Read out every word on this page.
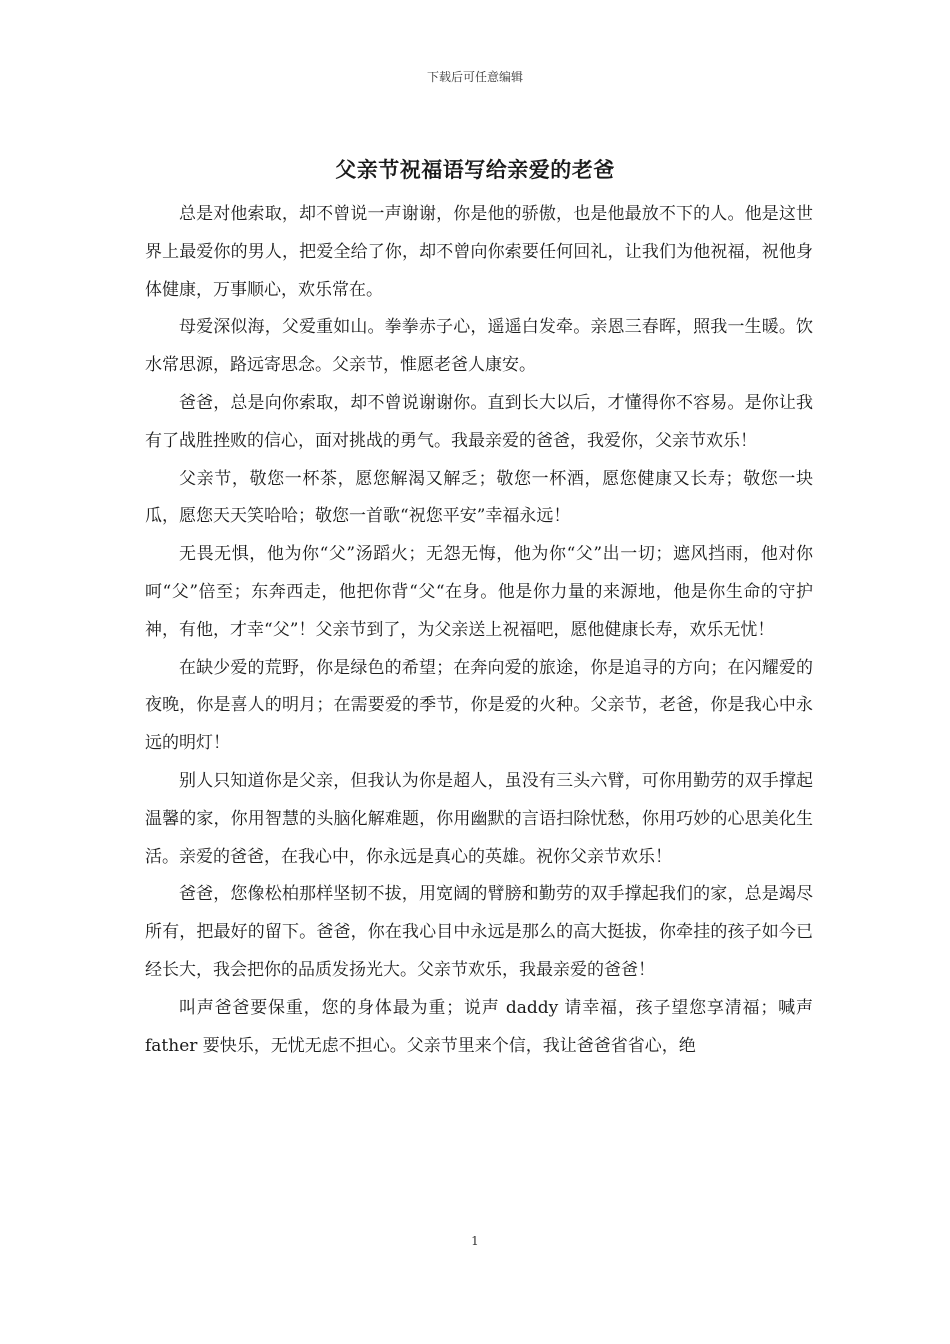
下载后可任意编辑
父亲节祝福语写给亲爱的老爸

总是对他索取，却不曾说一声谢谢，你是他的骄傲，也是他最放不下的人。他是这世界上最爱你的男人，把爱全给了你，却不曾向你索要任何回礼，让我们为他祝福，祝他身体健康，万事顺心，欢乐常在。

母爱深似海，父爱重如山。拳拳赤子心，遥遥白发牵。亲恩三春晖，照我一生暖。饮水常思源，路远寄思念。父亲节，惟愿老爸人康安。

爸爸，总是向你索取，却不曾说谢谢你。直到长大以后，才懂得你不容易。是你让我有了战胜挫败的信心，面对挑战的勇气。我最亲爱的爸爸，我爱你，父亲节欢乐！

父亲节，敬您一杯茶，愿您解渴又解乏；敬您一杯酒，愿您健康又长寿；敬您一块瓜，愿您天天笑哈哈；敬您一首歌“祝您平安”幸福永远！

无畏无惧，他为你“父”汤蹈火；无怨无悔，他为你“父”出一切；遮风挡雨，他对你呵“父”倍至；东奔西走，他把你背“父“在身。他是你力量的来源地，他是你生命的守护神，有他，才幸“父”！父亲节到了，为父亲送上祝福吧，愿他健康长寿，欢乐无忧！

在缺少爱的荒野，你是绿色的希望；在奔向爱的旅途，你是追寻的方向；在闪耀爱的夜晚，你是喜人的明月；在需要爱的季节，你是爱的火种。父亲节，老爸，你是我心中永远的明灯！

别人只知道你是父亲，但我认为你是超人，虽没有三头六臂，可你用勤劳的双手撑起温馨的家，你用智慧的头脑化解难题，你用幽默的言语扫除忧愁，你用巧妙的心思美化生活。亲爱的爸爸，在我心中，你永远是真心的英雄。祝你父亲节欢乐！

爸爸，您像松柏那样坚韧不拔，用宽阔的臂膀和勤劳的双手撑起我们的家，总是竭尽所有，把最好的留下。爸爸，你在我心目中永远是那么的高大挺拔，你牵挂的孩子如今已经长大，我会把你的品质发扬光大。父亲节欢乐，我最亲爱的爸爸！

叫声爸爸要保重，您的身体最为重；说声 daddy 请幸福，孩子望您享清福；喊声 father 要快乐，无忧无虑不担心。父亲节里来个信，我让爸爸省省心，绝

1
